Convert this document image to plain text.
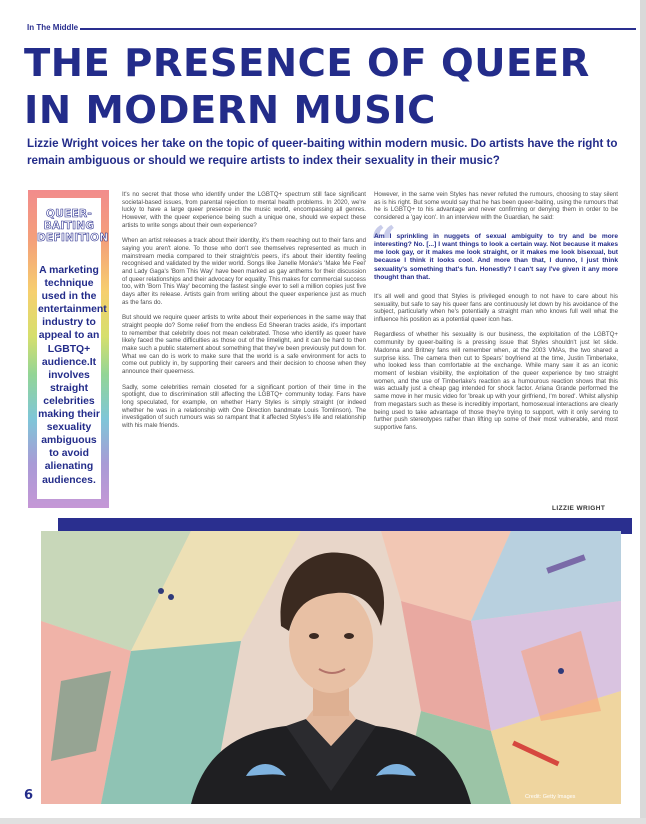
In The Middle
THE PRESENCE OF QUEER IN MODERN MUSIC

Lizzie Wright voices her take on the topic of queer-baiting within modern music. Do artists have the right to remain ambiguous or should we require artists to index their sexuality in their music?

QUEER-BAITING DEFINITION
A marketing technique used in the entertainment industry to appeal to an LGBTQ+ audience.It involves straight celebrities making their sexuality ambiguous to avoid alienating audiences.

It's no secret that those who identify under the LGBTQ+ spectrum still face significant societal-based issues, from parental rejection to mental health problems. In 2020, we're lucky to have a large queer presence in the music world, encompassing all genres. However, with the queer experience being such a unique one, should we expect these artists to write songs about their own experience?

When an artist releases a track about their identity, it's them reaching out to their fans and saying you aren't alone. To those who don't see themselves represented as much in mainstream media compared to their straight/cis peers, it's about their identity feeling recognised and validated by the wider world. Songs like Janelle Monáe's 'Make Me Feel' and Lady Gaga's 'Born This Way' have been marked as gay anthems for their discussion of queer relationships and their advocacy for equality. This makes for commercial success too, with 'Born This Way' becoming the fastest single ever to sell a million copies just five days after its release. Artists gain from writing about the queer experience just as much as the fans do.

But should we require queer artists to write about their experiences in the same way that straight people do? Some relief from the endless Ed Sheeran tracks aside, it's important to remember that celebrity does not mean celebrated. Those who identify as queer have likely faced the same difficulties as those out of the limelight, and it can be hard to then make such a public statement about something that they've been previously put down for. What we can do is work to make sure that the world is a safe environment for acts to come out publicly in, by supporting their careers and their decision to choose when they announce their queerness.

Sadly, some celebrities remain closeted for a significant portion of their time in the spotlight, due to discrimination still affecting the LGBTQ+ community today. Fans have long speculated, for example, on whether Harry Styles is simply straight (or indeed whether he was in a relationship with One Direction bandmate Louis Tomlinson). The investigation of such rumours was so rampant that it affected Styles's life and relationship with his male friends.

However, in the same vein Styles has never refuted the rumours, choosing to stay silent as is his right. But some would say that he has been queer-baiting, using the rumours that he is LGBTQ+ to his advantage and never confirming or denying them in order to be considered a 'gay icon'. In an interview with the Guardian, he said:

“
Am I sprinkling in nuggets of sexual ambiguity to try and be more interesting? No. [...] I want things to look a certain way. Not because it makes me look gay, or it makes me look straight, or it makes me look bisexual, but because I think it looks cool. And more than that, I dunno, I just think sexuality's something that's fun. Honestly? I can't say I've given it any more thought than that.

It's all well and good that Styles is privileged enough to not have to care about his sexuality, but safe to say his queer fans are continuously let down by his avoidance of the subject, particularly when he's potentially a straight man who knows full well what the influence his position as a potential queer icon has.

Regardless of whether his sexuality is our business, the exploitation of the LGBTQ+ community by queer-baiting is a pressing issue that Styles shouldn't just let slide. Madonna and Britney fans will remember when, at the 2003 VMAs, the two shared a surprise kiss. The camera then cut to Spears' boyfriend at the time, Justin Timberlake, who looked less than comfortable at the exchange. While many saw it as an iconic moment of lesbian visibility, the exploitation of the queer experience by two straight women, and the use of Timberlake's reaction as a humourous reaction shows that this was actually just a cheap gag intended for shock factor. Ariana Grande performed the same move in her music video for 'break up with your girlfriend, I'm bored'. Whilst allyship from megastars such as these is incredibly important, homosexual interactions are clearly being used to take advantage of those they're trying to support, with it only serving to further push stereotypes rather than lifting up some of their most vulnerable, and most supportive fans.

LIZZIE WRIGHT
Credit: Getty Images
6
